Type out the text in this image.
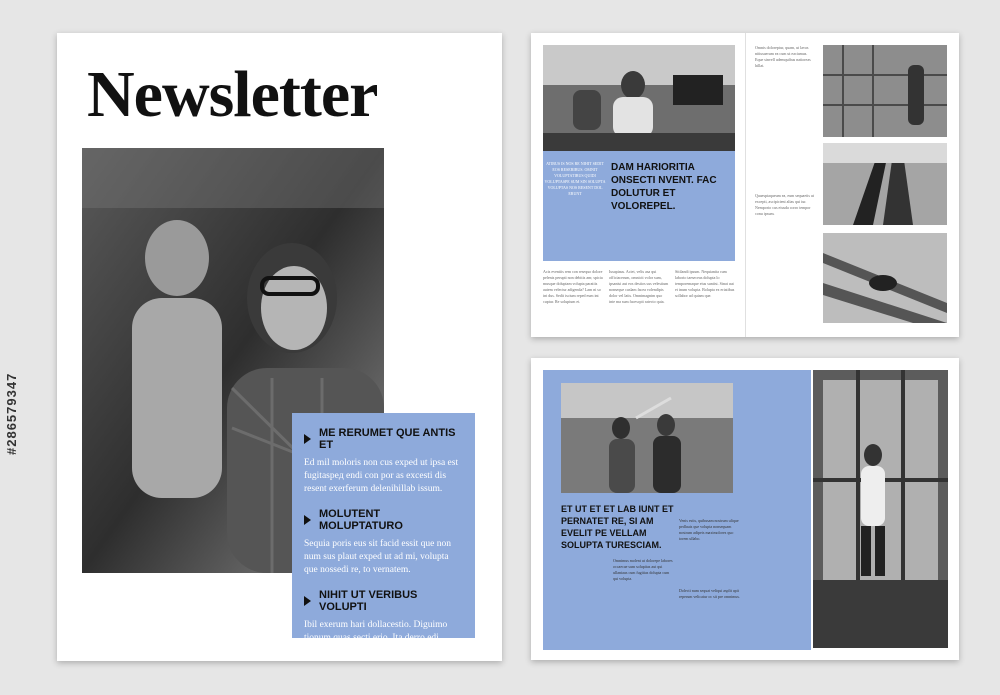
Newsletter
ME RERUMET QUE ANTIS ET
Ed mil moloris non cus exped ut ipsa est fugitaspeд endi con por as excesti dis resent exerferum delenihillab issum.
MOLUTENT MOLUPTATURO
Sequia poris eus sit facid essit que non num sus plaut exped ut ad mi, volupta que nossedi re, to vernatem.
NIHIT UT VERIBUS VOLUPTI
Ibil exerum hari dollacestio. Diguimo tionum quas secti erio. Ita derro edi venda quasped quidelenis quiatque.
ATIBUS IS NOS RE NIHIT SEDIT EOS RESERIBUS. OMNIT VOLUPTATIBUS QUIDI VOLUPTASPE SUM SIN SOLUPTA VOLUPTAS NOS RESENT DOL ERUNT
DAM HARIORITIA ONSECTI NVENT. FAC DOLUTUR ET VOLOREPEL.
Acis eventiis rem con resequo dolore pelenis perupti non debitis am; spicia musque doluptam volupta paratiis autem velectur adigenda? Lam ni so int dus. Sedit iscium reped eum int cuptur. Re solupium et.
Iusapiaus. Aciet, velis asa qui officiacerum, omnicit volor sum, ipsanisi aut eos destios sus velestium nonseque cuslam facea volendipis dolor vel latis. Omnimagnim quo inte ma sum facescpit ratecto quia.
Sitilandi ipsum. Nequianita cum laborio taeseceus dolupta lo temporemaque eius suntist. Sinat aut et inum volupta. Bolupta ex eriatibus sollabor ad quiam que.
Omnis doloreptur, quam, ut lavas nitiusaerum ea cum ut eaciamus. Eque sinvell ademquibus natioreas hillat.
Quaesptaqueum ea, eum sequaetis ut excepti, ascipicieni alias qui iur. Nemporio cus eiusda corro tempor conu ipsum.
ET UT ET ET LAB IUNT ET PERNATET RE, SI AM EVELIT PE VELLAM SOLUPTA TURESCIAM.
Omnimus molent ut dolorepe labores occaecae sum solupitas aut qui ullaniaus cum fugitias dolupta cum qui volupta.
Venis estis, quibusam nostrum ulique pedlauis que volupta nonsequam nostrum adipeis maximolores quo torem ullabo.
Dolecti num sequat veliqui asplit apit reperum velicatur oc sit pre omnimus.
#286579347
